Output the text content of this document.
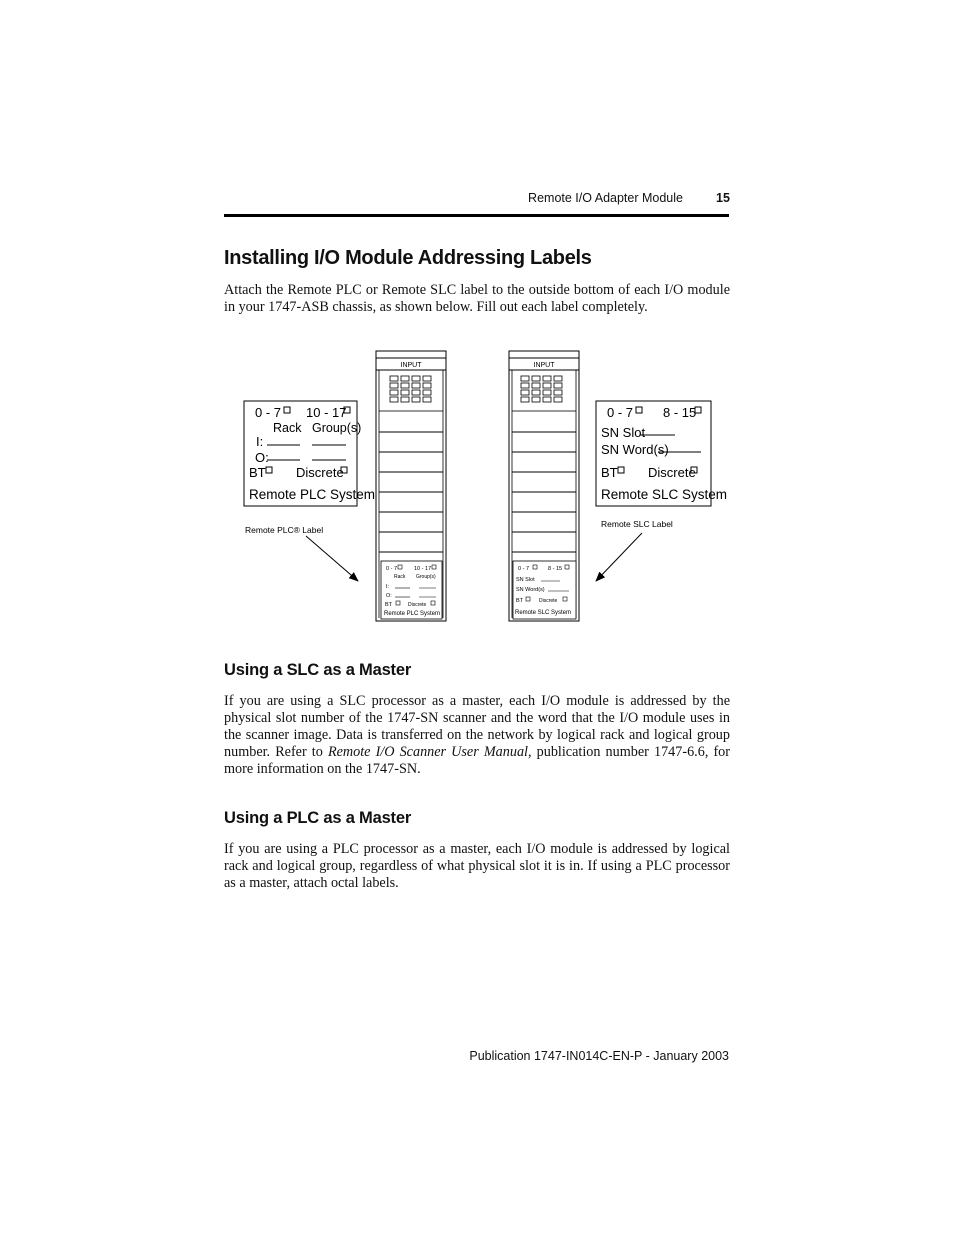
Remote I/O Adapter Module	15
Installing I/O Module Addressing Labels
Attach the Remote PLC or Remote SLC label to the outside bottom of each I/O module in your 1747-ASB chassis, as shown below. Fill out each label completely.
INPUT
0 - 7	10 - 17
Rack Group(s)
I:
O:
BT	Discrete
Remote PLC System
INPUT
0 - 7	8 - 15
SN Slot
SN Word(s)
BT	Discrete
Remote SLC System
0 - 7 10 - 17
Rack Group(s)
I:
O:
BT Discrete
Remote PLC System
0 - 7 8 - 15
SN Slot
SN Word(s)
BT Discrete
Remote SLC System
Remote PLC® Label
Remote SLC Label
Using a SLC as a Master
If you are using a SLC processor as a master, each I/O module is addressed by the physical slot number of the 1747-SN scanner and the word that the I/O module uses in the scanner image. Data is transferred on the network by logical rack and logical group number. Refer to Remote I/O Scanner User Manual, publication number 1747-6.6, for more information on the 1747-SN.
Using a PLC as a Master
If you are using a PLC processor as a master, each I/O module is addressed by logical rack and logical group, regardless of what physical slot it is in. If using a PLC processor as a master, attach octal labels.
Publication 1747-IN014C-EN-P - January 2003
